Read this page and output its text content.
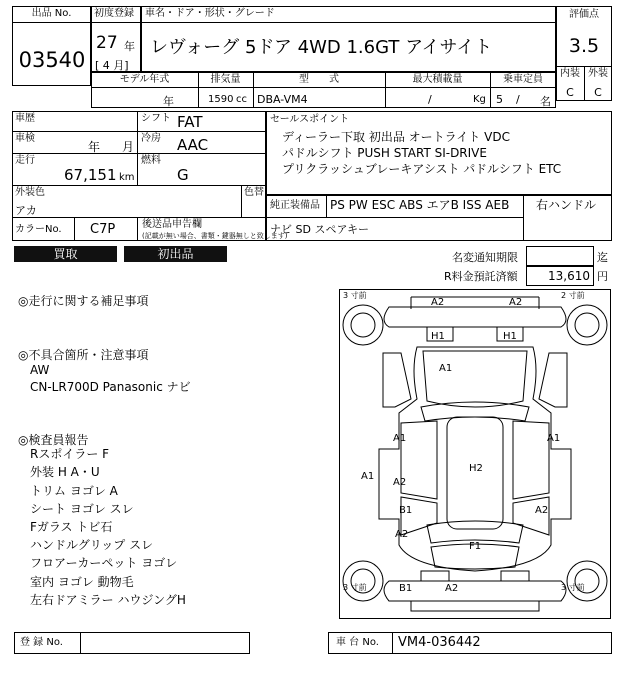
出品 No.
03540
初度登録
27 年
[ 4 月]
車名・ドア・形状・グレード
レヴォーグ 5ドア 4WD 1.6GT アイサイト
評価点
3.5
内装 外装
C	C
モデル年式	排気量	型　　式	最大積載量	乗車定員
年	1590 cc DBA-VM4	/	Kg 5 / 名
車歴
車検
年 月
走行
67,151 km
シフト FAT
冷房 AAC
燃料
G
外装色
アカ
色替
カラーNo. C7P	後送品申告欄
(記載が無い場合、書類・鍵器無しと致します)
セールスポイント
ディーラー下取 初出品 オートライト VDC
パドルシフト PUSH START SI-DRIVE
プリクラッシュブレーキアシスト パドルシフト ETC
純正装備品 PS PW ESC ABS エアB ISS AEB 右ハンドル
ナビ SD スペアキー
買取	初出品	名変通知期限	迄
R料金預託済額	13,610 円
◎走行に関する補足事項
◎不具合箇所・注意事項
AW
CN-LR700D Panasonic ナビ
◎検査員報告
Rスポイラー F
外装 H A・U
トリム ヨゴレ A
シート ヨゴレ スレ
Fガラス トビ石
ハンドルグリップ スレ
フロアーカーペット ヨゴレ
室内 ヨゴレ 動物毛
左右ドアミラー ハウジングH
3 寸前	2 寸前
3 寸前	3 寸前
A2	A2
H1	H1
A1
A1	A1
H2
A1
A2
B1	A2
A2
F1
B1	A2
登 録 No.	車 台 No. VM4-036442
